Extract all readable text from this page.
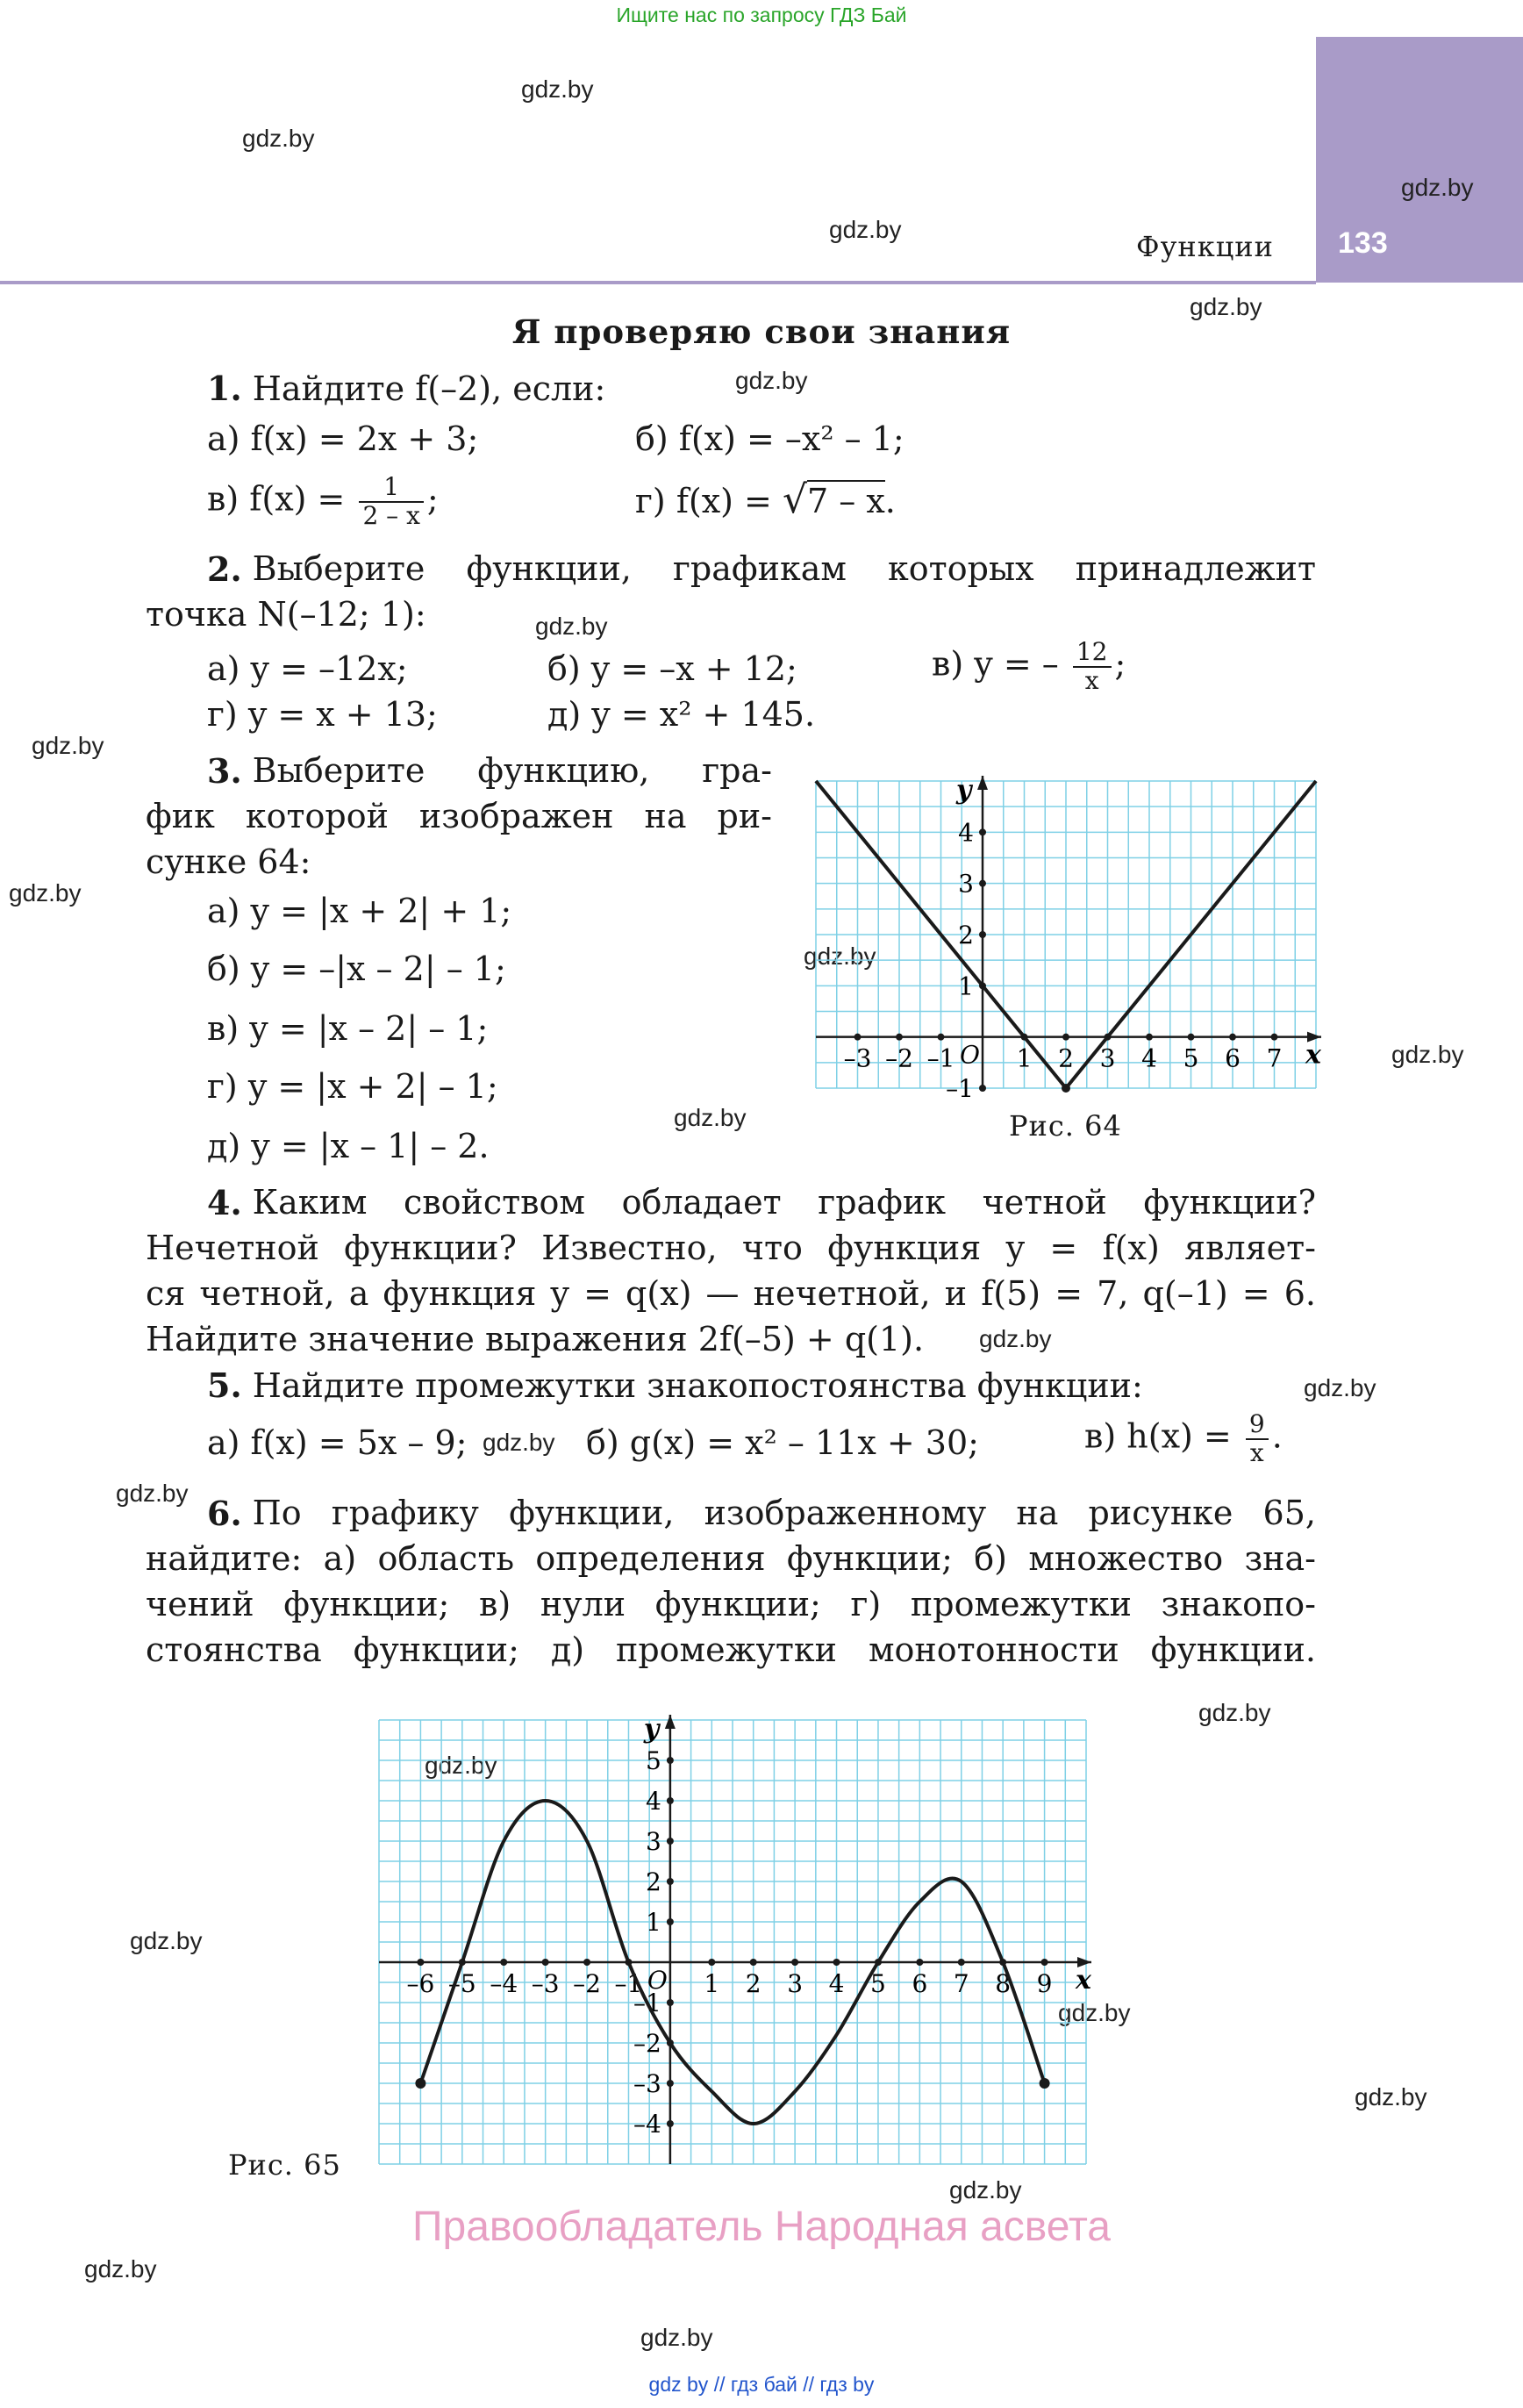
Ищите нас по запросу ГДЗ Бай
133
Функции
gdz.by
gdz.by
gdz.by
gdz.by
gdz.by
gdz.by
gdz.by
gdz.by
gdz.by
gdz.by
gdz.by
gdz.by
gdz.by
gdz.by
gdz.by
gdz.by
gdz.by
gdz.by
gdz.by
gdz.by
gdz.by
gdz.by
gdz.by
gdz.by
Я проверяю свои знания
1. Найдите f(–2), если:
а) f(x) = 2x + 3;	б) f(x) = –x² – 1;
в) $f(x) = \frac{1}{2 - x}$ ;	г) f(x) = √7 – x.
2. Выберите функции, графикам которых принадлежит
точка N(–12; 1):
а) y = –12x;	б) y = –x + 12;	в) y = – $\frac{12}{x}$ ;
г) y = x + 13;	д) y = x² + 145.
3. Выберите функцию, гра-
фик которой изображен на ри-
сунке 64:
а) y = |x + 2| + 1;
б) y = –|x – 2| – 1;
в) y = |x – 2| – 1;
г) y = |x + 2| – 1;
д) y = |x – 1| – 2.
x
y
O
–3 –2 –1	1 2 3 4 5 6 7
–1
1
2
3
4
Рис. 64
4. Каким свойством обладает график четной функции?
Нечетной функции? Известно, что функция y = f(x) являет-
ся четной, а функция y = q(x) — нечетной, и f(5) = 7, q(–1) = 6.
Найдите значение выражения 2f(–5) + q(1).
5. Найдите промежутки знакопостоянства функции:
а) f(x) = 5x – 9;	б) g(x) = x² – 11x + 30;	в) $h(x) = \frac{9}{x}$ .
6. По графику функции, изображенному на рисунке 65,
найдите: а) область определения функции; б) множество зна-
чений функции; в) нули функции; г) промежутки знакопо-
стоянства функции; д) промежутки монотонности функции.
x
y
O
–6 –5 –4 –3 –2 –1 1 2 3 4 5 6 7 8 9
–4
–3
–2
–1
1
2
3
4
5
Рис. 65
Правообладатель Народная асвета
gdz by // гдз бай // гдз by
